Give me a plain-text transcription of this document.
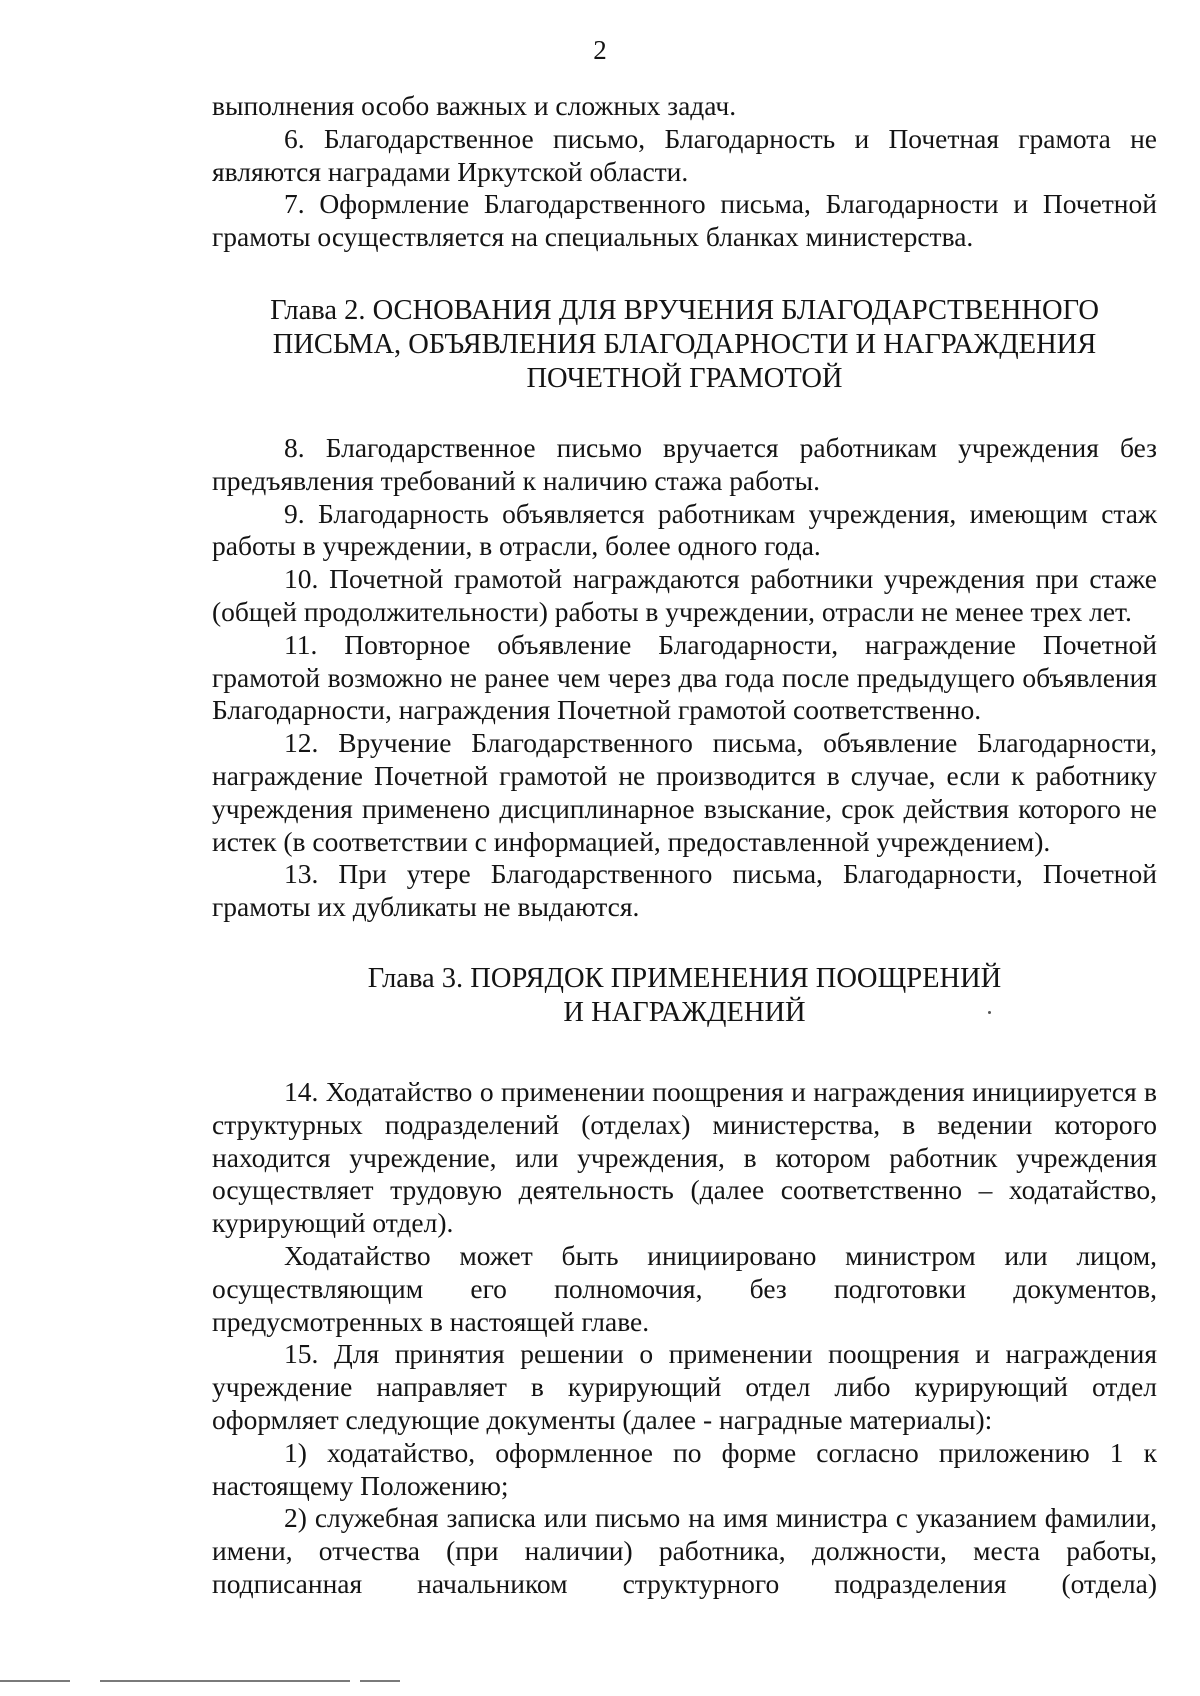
2

выполнения особо важных и сложных задач.

6. Благодарственное письмо, Благодарность и Почетная грамота не являются наградами Иркутской области.

7. Оформление Благодарственного письма, Благодарности и Почетной грамоты осуществляется на специальных бланках министерства.

Глава 2. ОСНОВАНИЯ ДЛЯ ВРУЧЕНИЯ БЛАГОДАРСТВЕННОГО
ПИСЬМА, ОБЪЯВЛЕНИЯ БЛАГОДАРНОСТИ И НАГРАЖДЕНИЯ
ПОЧЕТНОЙ ГРАМОТОЙ

8. Благодарственное письмо вручается работникам учреждения без предъявления требований к наличию стажа работы.

9. Благодарность объявляется работникам учреждения, имеющим стаж работы в учреждении, в отрасли, более одного года.

10. Почетной грамотой награждаются работники учреждения при стаже (общей продолжительности) работы в учреждении, отрасли не менее трех лет.

11. Повторное объявление Благодарности, награждение Почетной грамотой возможно не ранее чем через два года после предыдущего объявления Благодарности, награждения Почетной грамотой соответственно.

12. Вручение Благодарственного письма, объявление Благодарности, награждение Почетной грамотой не производится в случае, если к работнику учреждения применено дисциплинарное взыскание, срок действия которого не истек (в соответствии с информацией, предоставленной учреждением).

13. При утере Благодарственного письма, Благодарности, Почетной грамоты их дубликаты не выдаются.

Глава 3. ПОРЯДОК ПРИМЕНЕНИЯ ПООЩРЕНИЙ
И НАГРАЖДЕНИЙ

14. Ходатайство о применении поощрения и награждения инициируется в структурных подразделений (отделах) министерства, в ведении которого находится учреждение, или учреждения, в котором работник учреждения осуществляет трудовую деятельность (далее соответственно – ходатайство, курирующий отдел).

Ходатайство может быть инициировано министром или лицом, осуществляющим его полномочия, без подготовки документов, предусмотренных в настоящей главе.

15. Для принятия решении о применении поощрения и награждения учреждение направляет в курирующий отдел либо курирующий отдел оформляет следующие документы (далее - наградные материалы):

1) ходатайство, оформленное по форме согласно приложению 1 к настоящему Положению;

2) служебная записка или письмо на имя министра с указанием фамилии, имени, отчества (при наличии) работника, должности, места работы, подписанная начальником структурного подразделения (отдела)
